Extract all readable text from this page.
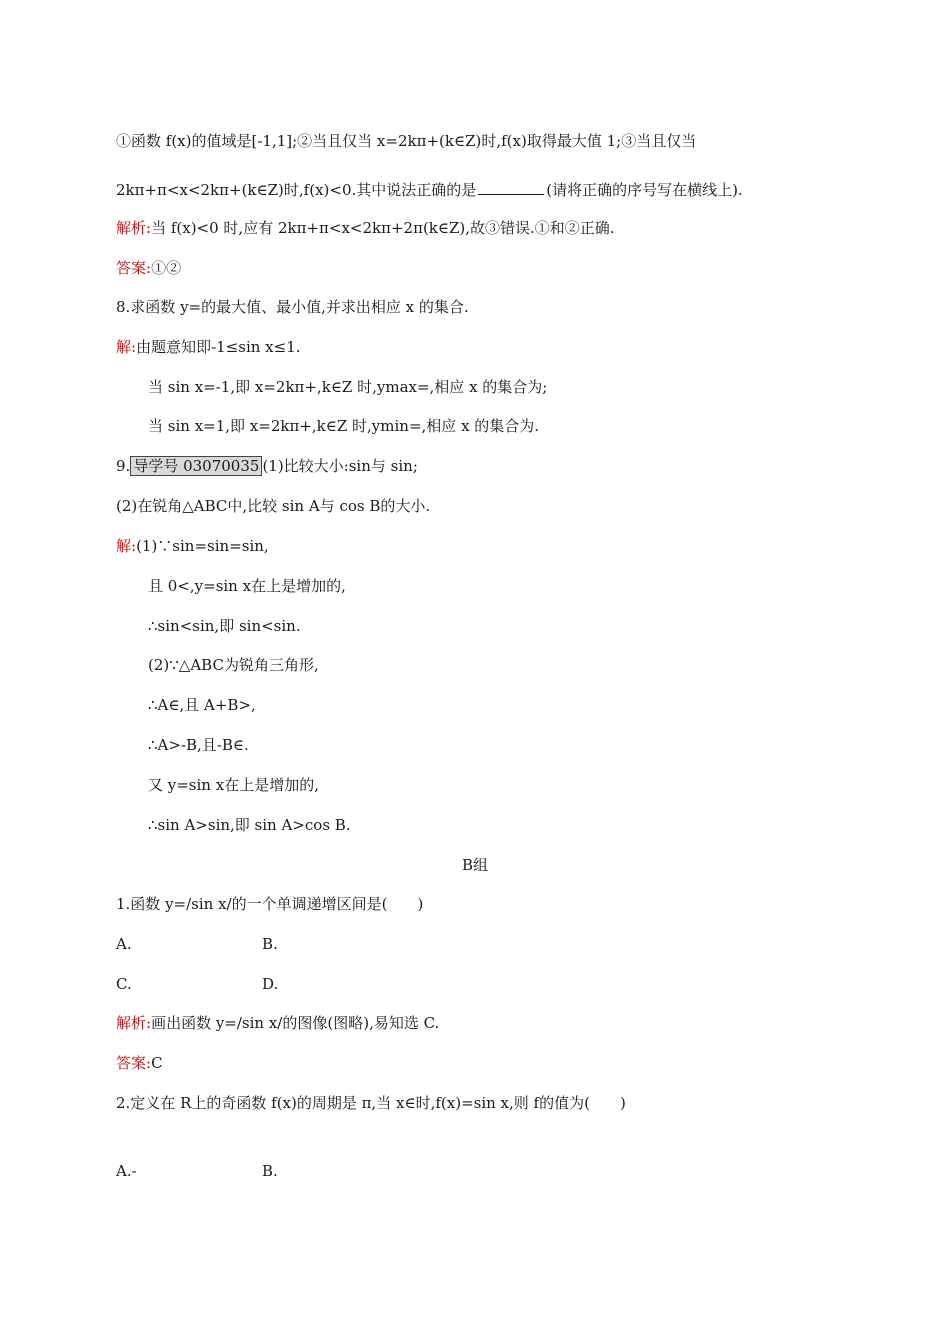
①函数 f(x)的值域是[-1,1];②当且仅当 x=2kπ+(k∈Z)时,f(x)取得最大值 1;③当且仅当
2kπ+π<x<2kπ+(k∈Z)时,f(x)<0.其中说法正确的是	(请将正确的序号写在横线上).
解析:当 f(x)<0 时,应有 2kπ+π<x<2kπ+2π(k∈Z),故③错误.①和②正确.
答案:①②
8.求函数 y=的最大值、最小值,并求出相应 x 的集合.
解:由题意知即-1≤sin x≤1.
当 sin x=-1,即 x=2kπ+,k∈Z 时,ymax=,相应 x 的集合为;
当 sin x=1,即 x=2kπ+,k∈Z 时,ymin=,相应 x 的集合为.
9. 导学号 03070035 (1)比较大小:sin与 sin;
(2)在锐角△ABC中,比较 sin A与 cos B的大小.
解:(1)∵sin=sin=sin,
且 0<,y=sin x在上是增加的,
∴sin<sin,即 sin<sin.
(2)∵△ABC为锐角三角形,
∴A∈,且 A+B>,
∴A>-B,且-B∈.
又 y=sin x在上是增加的,
∴sin A>sin,即 sin A>cos B.
B组
1.函数 y=/sin x/的一个单调递增区间是(　　)
A.	B.
C.	D.
解析:画出函数 y=/sin x/的图像(图略),易知选 C.
答案:C
2.定义在 R上的奇函数 f(x)的周期是 π,当 x∈时,f(x)=sin x,则 f的值为(　　)
A.-	B.
